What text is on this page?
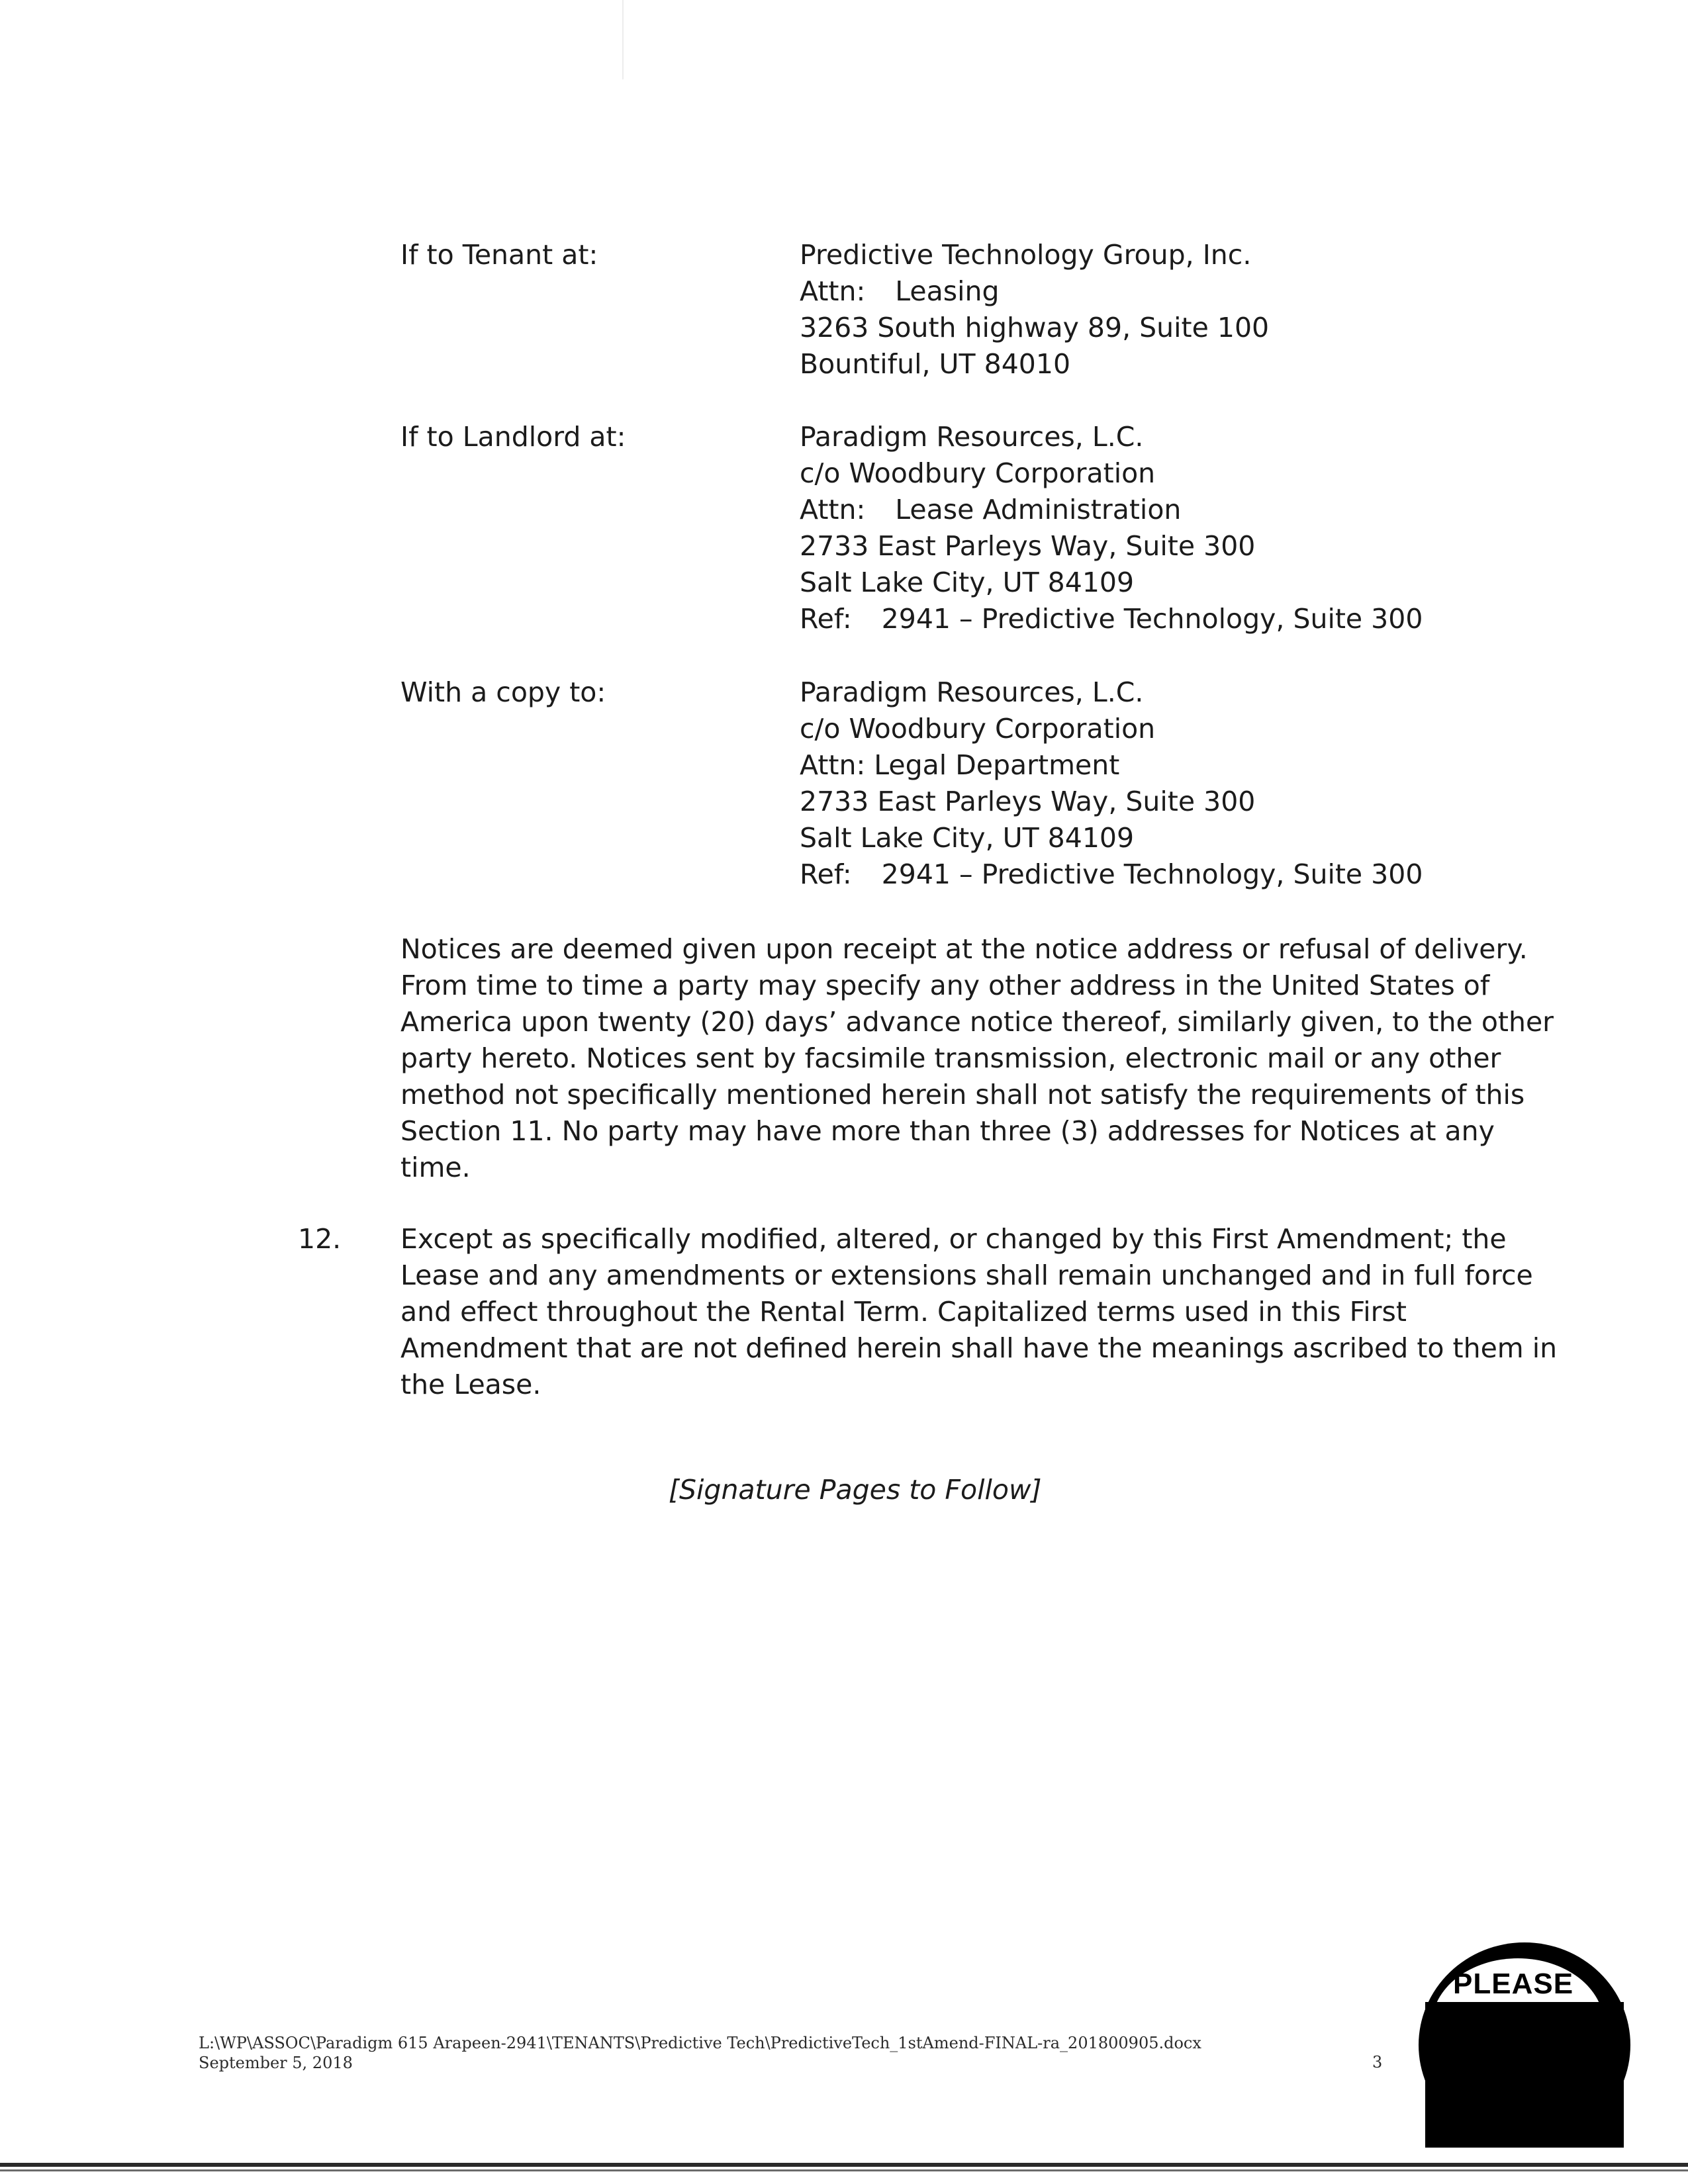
If to Tenant at:	Predictive Technology Group, Inc.
Attn: Leasing
3263 South highway 89, Suite 100
Bountiful, UT 84010
If to Landlord at:	Paradigm Resources, L.C.
c/o Woodbury Corporation
Attn: Lease Administration
2733 East Parleys Way, Suite 300
Salt Lake City, UT 84109
Ref: 2941 – Predictive Technology, Suite 300
With a copy to:	Paradigm Resources, L.C.
c/o Woodbury Corporation
Attn: Legal Department
2733 East Parleys Way, Suite 300
Salt Lake City, UT 84109
Ref: 2941 – Predictive Technology, Suite 300

Notices are deemed given upon receipt at the notice address or refusal of delivery.

From time to time a party may specify any other address in the United States of

America upon twenty (20) days’ advance notice thereof, similarly given, to the other

party hereto. Notices sent by facsimile transmission, electronic mail or any other

method not specifically mentioned herein shall not satisfy the requirements of this

Section 11. No party may have more than three (3) addresses for Notices at any

time.

12. Except as specifically modified, altered, or changed by this First Amendment; the

Lease and any amendments or extensions shall remain unchanged and in full force

and effect throughout the Rental Term. Capitalized terms used in this First

Amendment that are not defined herein shall have the meanings ascribed to them in

the Lease.

[Signature Pages to Follow]
L:\WP\ASSOC\Paradigm 615 Arapeen-2941\TENANTS\Predictive Tech\PredictiveTech_1stAmend-FINAL-ra_201800905.docx
September 5, 2018	3
PLEASE
